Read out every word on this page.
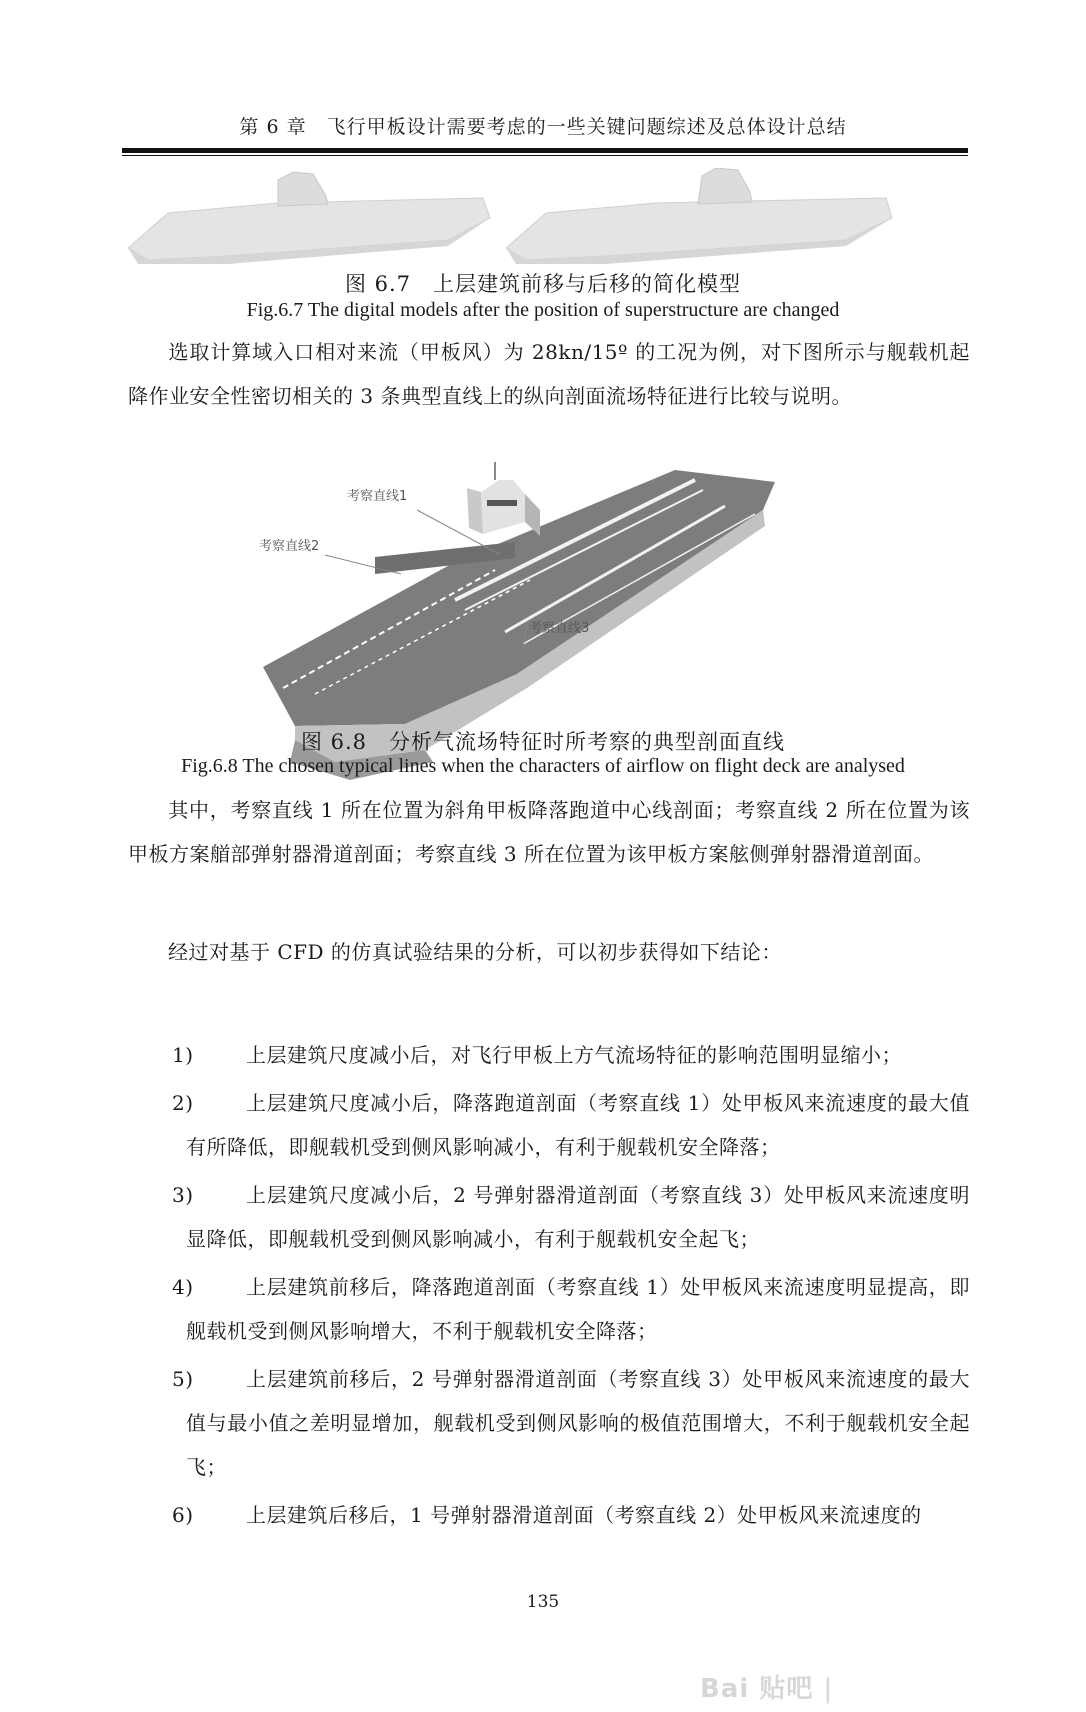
第 6 章　飞行甲板设计需要考虑的一些关键问题综述及总体设计总结
图 6.7　上层建筑前移与后移的简化模型
Fig.6.7 The digital models after the position of superstructure are changed
选取计算域入口相对来流（甲板风）为 28kn/15º 的工况为例，对下图所示与舰载机起降作业安全性密切相关的 3 条典型直线上的纵向剖面流场特征进行比较与说明。
考察直线1
考察直线2
考察直线3
图 6.8　分析气流场特征时所考察的典型剖面直线
Fig.6.8 The chosen typical lines when the characters of airflow on flight deck are analysed
其中，考察直线 1 所在位置为斜角甲板降落跑道中心线剖面；考察直线 2 所在位置为该甲板方案艏部弹射器滑道剖面；考察直线 3 所在位置为该甲板方案舷侧弹射器滑道剖面。
经过对基于 CFD 的仿真试验结果的分析，可以初步获得如下结论：
1)	上层建筑尺度减小后，对飞行甲板上方气流场特征的影响范围明显缩小；
2)	上层建筑尺度减小后，降落跑道剖面（考察直线 1）处甲板风来流速度的最大值有所降低，即舰载机受到侧风影响减小，有利于舰载机安全降落；
3)	上层建筑尺度减小后，2 号弹射器滑道剖面（考察直线 3）处甲板风来流速度明显降低，即舰载机受到侧风影响减小，有利于舰载机安全起飞；
4)	上层建筑前移后，降落跑道剖面（考察直线 1）处甲板风来流速度明显提高，即舰载机受到侧风影响增大，不利于舰载机安全降落；
5)	上层建筑前移后，2 号弹射器滑道剖面（考察直线 3）处甲板风来流速度的最大值与最小值之差明显增加，舰载机受到侧风影响的极值范围增大，不利于舰载机安全起飞；
6)	上层建筑后移后，1 号弹射器滑道剖面（考察直线 2）处甲板风来流速度的
135
Bai 贴吧 |
